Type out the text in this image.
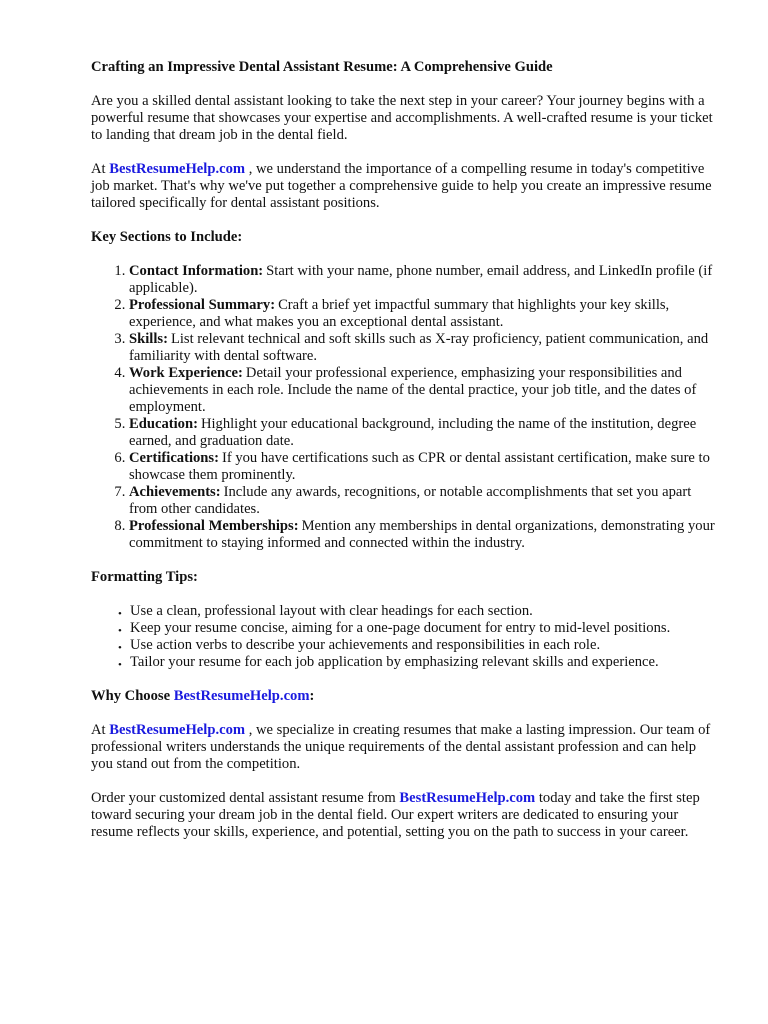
Crafting an Impressive Dental Assistant Resume: A Comprehensive Guide

Are you a skilled dental assistant looking to take the next step in your career? Your journey begins with a powerful resume that showcases your expertise and accomplishments. A well-crafted resume is your ticket to landing that dream job in the dental field.

At BestResumeHelp.com , we understand the importance of a compelling resume in today's competitive job market. That's why we've put together a comprehensive guide to help you create an impressive resume tailored specifically for dental assistant positions.

Key Sections to Include:
1. Contact Information: Start with your name, phone number, email address, and LinkedIn profile (if applicable).
2. Professional Summary: Craft a brief yet impactful summary that highlights your key skills, experience, and what makes you an exceptional dental assistant.
3. Skills: List relevant technical and soft skills such as X-ray proficiency, patient communication, and familiarity with dental software.
4. Work Experience: Detail your professional experience, emphasizing your responsibilities and achievements in each role. Include the name of the dental practice, your job title, and the dates of employment.
5. Education: Highlight your educational background, including the name of the institution, degree earned, and graduation date.
6. Certifications: If you have certifications such as CPR or dental assistant certification, make sure to showcase them prominently.
7. Achievements: Include any awards, recognitions, or notable accomplishments that set you apart from other candidates.
8. Professional Memberships: Mention any memberships in dental organizations, demonstrating your commitment to staying informed and connected within the industry.
Formatting Tips:
• Use a clean, professional layout with clear headings for each section.
• Keep your resume concise, aiming for a one-page document for entry to mid-level positions.
• Use action verbs to describe your achievements and responsibilities in each role.
• Tailor your resume for each job application by emphasizing relevant skills and experience.
Why Choose BestResumeHelp.com:

At BestResumeHelp.com , we specialize in creating resumes that make a lasting impression. Our team of professional writers understands the unique requirements of the dental assistant profession and can help you stand out from the competition.

Order your customized dental assistant resume from BestResumeHelp.com today and take the first step toward securing your dream job in the dental field. Our expert writers are dedicated to ensuring your resume reflects your skills, experience, and potential, setting you on the path to success in your career.
